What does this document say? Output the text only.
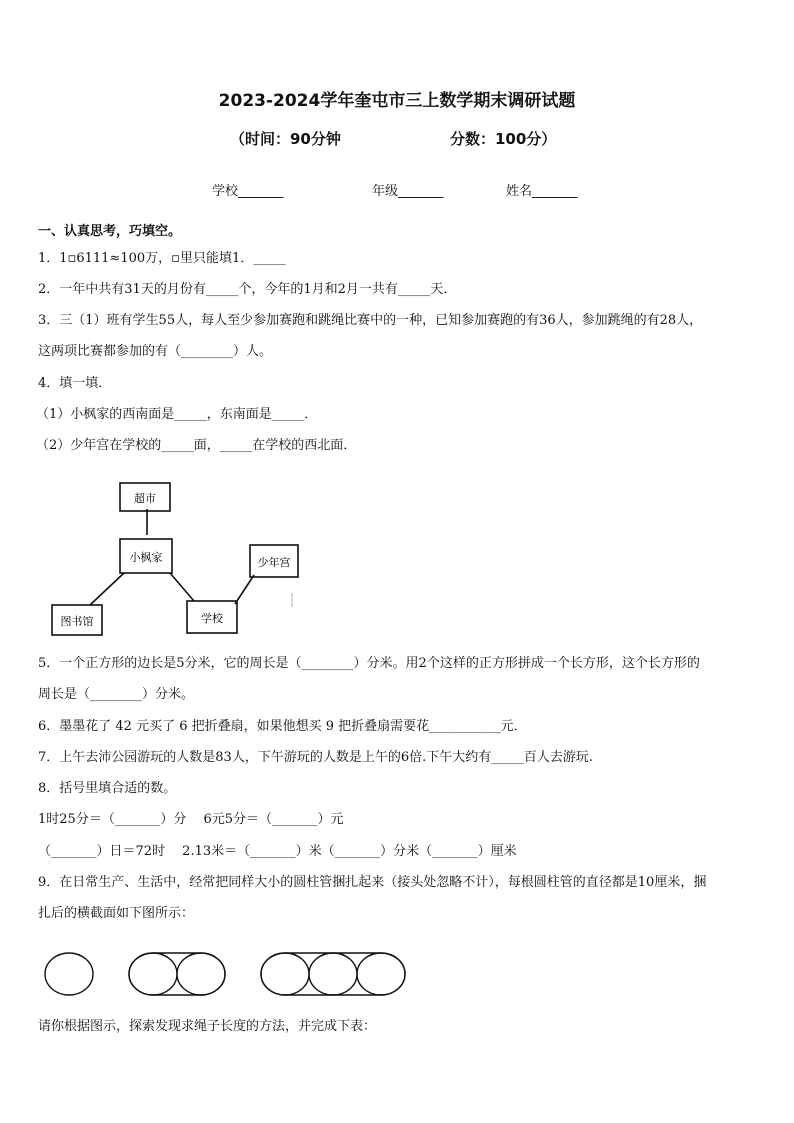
2023-2024学年奎屯市三上数学期末调研试题
（时间：90分钟	分数：100分）
学校_______	年级_______	姓名_______
一、认真思考，巧填空。
1．1▫6111≈100万，▫里只能填1．_____
2．一年中共有31天的月份有_____个，今年的1月和2月一共有_____天．
3．三（1）班有学生55人，每人至少参加赛跑和跳绳比赛中的一种，已知参加赛跑的有36人，参加跳绳的有28人，
这两项比赛都参加的有（________）人。
4．填一填．
（1）小枫家的西南面是_____，东南面是_____．
（2）少年宫在学校的_____面，_____在学校的西北面．
超市
小枫家	少年宫
图书馆	学校
5．一个正方形的边长是5分米，它的周长是（________）分米。用2个这样的正方形拼成一个长方形，这个长方形的
周长是（________）分米。
6．墨墨花了 42 元买了 6 把折叠扇，如果他想买 9 把折叠扇需要花___________元．
7．上午去沛公园游玩的人数是83人，下午游玩的人数是上午的6倍.下午大约有_____百人去游玩.
8．括号里填合适的数。
1时25分＝（_______）分　 6元5分＝（_______）元
（_______）日＝72时　 2.13米＝（_______）米（_______）分米（_______）厘米
9．在日常生产、生活中，经常把同样大小的圆柱管捆扎起来（接头处忽略不计），每根圆柱管的直径都是10厘米，捆
扎后的横截面如下图所示：
请你根据图示，探索发现求绳子长度的方法，并完成下表：
